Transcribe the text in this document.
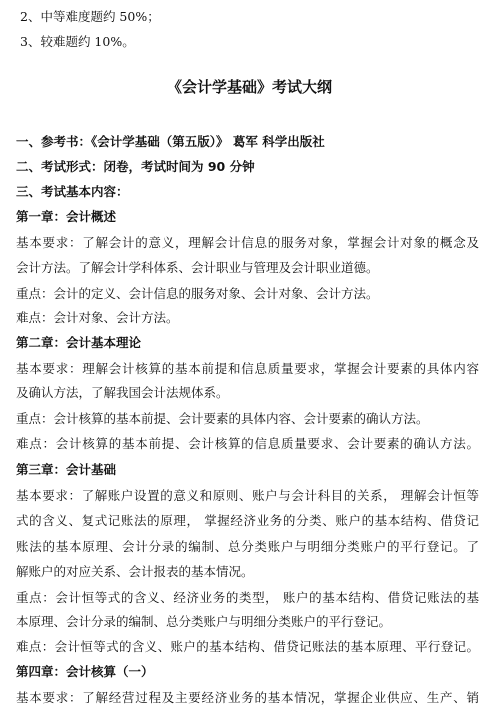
2、中等难度题约 50%；
3、较难题约 10%。
《会计学基础》考试大纲
一、参考书：《会计学基础（第五版）》 葛军 科学出版社
二、考试形式：闭卷，考试时间为 90 分钟
三、考试基本内容：
第一章：会计概述
基本要求：了解会计的意义，理解会计信息的服务对象，掌握会计对象的概念及
会计方法。了解会计学科体系、会计职业与管理及会计职业道德。
重点：会计的定义、会计信息的服务对象、会计对象、会计方法。
难点：会计对象、会计方法。
第二章：会计基本理论
基本要求：理解会计核算的基本前提和信息质量要求，掌握会计要素的具体内容
及确认方法，了解我国会计法规体系。
重点：会计核算的基本前提、会计要素的具体内容、会计要素的确认方法。
难点：会计核算的基本前提、会计核算的信息质量要求、会计要素的确认方法。
第三章：会计基础
基本要求：了解账户设置的意义和原则、账户与会计科目的关系， 理解会计恒等
式的含义、复式记账法的原理， 掌握经济业务的分类、账户的基本结构、借贷记
账法的基本原理、会计分录的编制、总分类账户与明细分类账户的平行登记。了
解账户的对应关系、会计报表的基本情况。
重点：会计恒等式的含义、经济业务的类型， 账户的基本结构、借贷记账法的基
本原理、会计分录的编制、总分类账户与明细分类账户的平行登记。
难点：会计恒等式的含义、账户的基本结构、借贷记账法的基本原理、平行登记。
第四章：会计核算（一）
基本要求：了解经营过程及主要经济业务的基本情况，掌握企业供应、生产、销
